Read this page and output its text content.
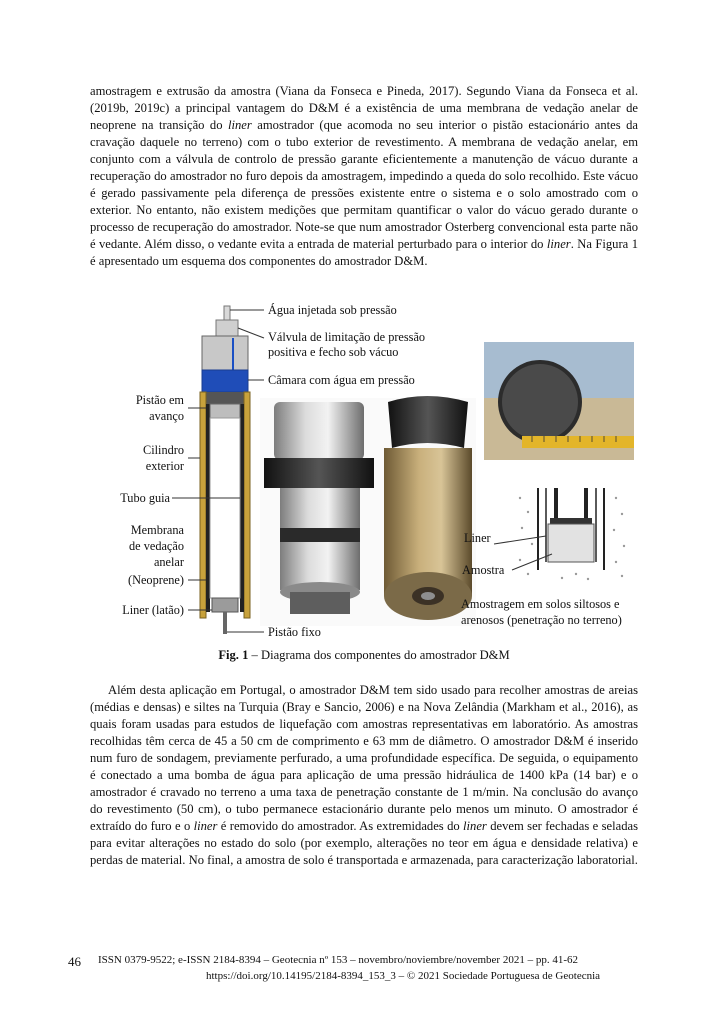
amostragem e extrusão da amostra (Viana da Fonseca e Pineda, 2017). Segundo Viana da Fonseca et al. (2019b, 2019c) a principal vantagem do D&M é a existência de uma membrana de vedação anelar de neoprene na transição do liner amostrador (que acomoda no seu interior o pistão estacionário antes da cravação daquele no terreno) com o tubo exterior de revestimento. A membrana de vedação anelar, em conjunto com a válvula de controlo de pressão garante eficientemente a manutenção de vácuo durante a recuperação do amostrador no furo depois da amostragem, impedindo a queda do solo recolhido. Este vácuo é gerado passivamente pela diferença de pressões existente entre o sistema e o solo amostrado com o exterior. No entanto, não existem medições que permitam quantificar o valor do vácuo gerado durante o processo de recuperação do amostrador. Note-se que num amostrador Osterberg convencional esta parte não é vedante. Além disso, o vedante evita a entrada de material perturbado para o interior do liner. Na Figura 1 é apresentado um esquema dos componentes do amostrador D&M.

Água injetada sob pressão
Válvula de limitação de pressão
positiva e fecho sob vácuo
Câmara com água em pressão
Pistão em
avanço
Cilindro
exterior
Tubo guia
Membrana
de vedação
anelar
(Neoprene)
Liner (latão)
Pistão fixo
Liner
Amostra
Amostragem em solos siltosos e
arenosos (penetração no terreno)
Fig. 1 – Diagrama dos componentes do amostrador D&M

Além desta aplicação em Portugal, o amostrador D&M tem sido usado para recolher amostras de areias (médias e densas) e siltes na Turquia (Bray e Sancio, 2006) e na Nova Zelândia (Markham et al., 2016), as quais foram usadas para estudos de liquefação com amostras representativas em laboratório. As amostras recolhidas têm cerca de 45 a 50 cm de comprimento e 63 mm de diâmetro. O amostrador D&M é inserido num furo de sondagem, previamente perfurado, a uma profundidade específica. De seguida, o equipamento é conectado a uma bomba de água para aplicação de uma pressão hidráulica de 1400 kPa (14 bar) e o amostrador é cravado no terreno a uma taxa de penetração constante de 1 m/min. Na conclusão do avanço do revestimento (50 cm), o tubo permanece estacionário durante pelo menos um minuto. O amostrador é extraído do furo e o liner é removido do amostrador. As extremidades do liner devem ser fechadas e seladas para evitar alterações no estado do solo (por exemplo, alterações no teor em água e densidade relativa) e perdas de material. No final, a amostra de solo é transportada e armazenada, para caracterização laboratorial.

46 ISSN 0379-9522; e-ISSN 2184-8394 – Geotecnia nº 153 – novembro/noviembre/november 2021 – pp. 41-62
https://doi.org/10.14195/2184-8394_153_3 – © 2021 Sociedade Portuguesa de Geotecnia
